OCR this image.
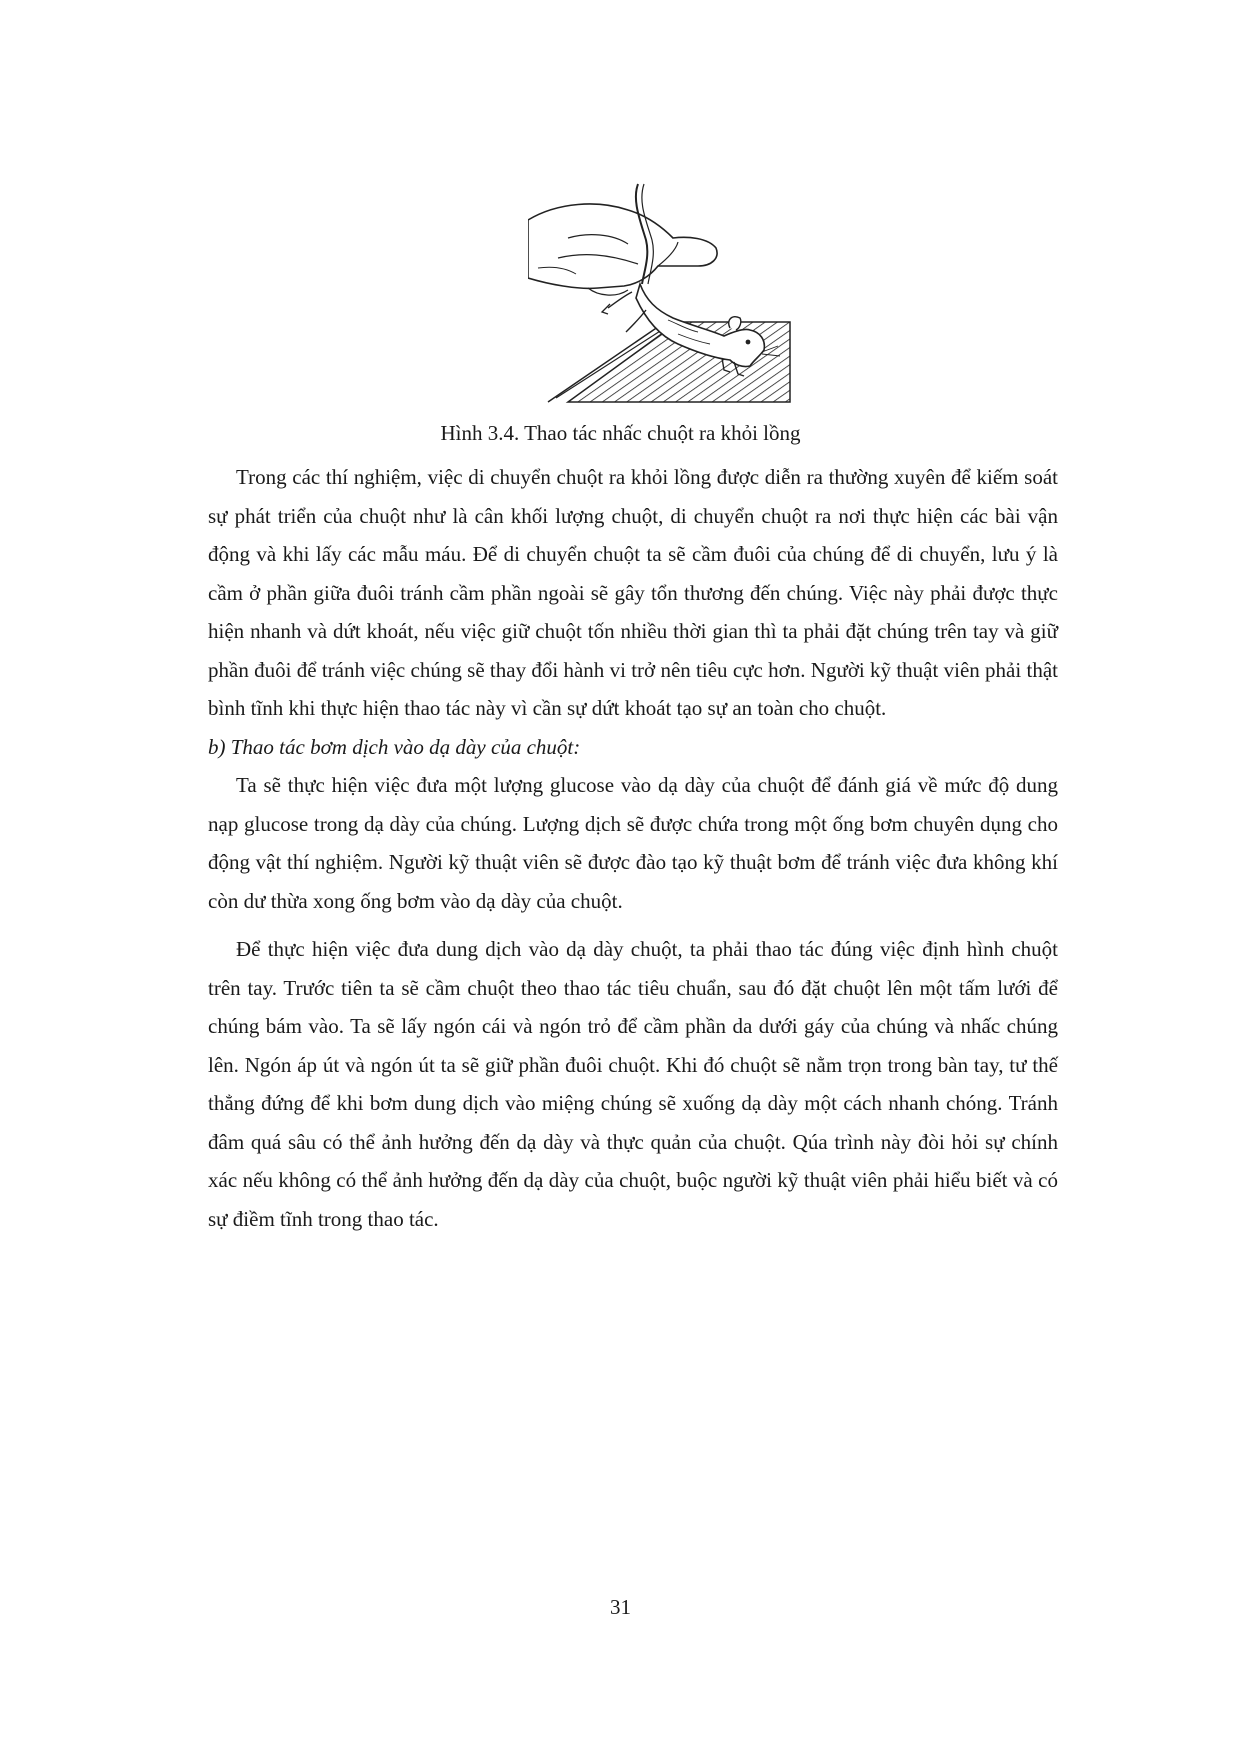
Hình 3.4. Thao tác nhấc chuột ra khỏi lồng

Trong các thí nghiệm, việc di chuyển chuột ra khỏi lồng được diễn ra thường xuyên để kiếm soát sự phát triển của chuột như là cân khối lượng chuột, di chuyển chuột ra nơi thực hiện các bài vận động và khi lấy các mẫu máu. Để di chuyển chuột ta sẽ cầm đuôi của chúng để di chuyển, lưu ý là cầm ở phần giữa đuôi tránh cầm phần ngoài sẽ gây tổn thương đến chúng. Việc này phải được thực hiện nhanh và dứt khoát, nếu việc giữ chuột tốn nhiều thời gian thì ta phải đặt chúng trên tay và giữ phần đuôi để tránh việc chúng sẽ thay đổi hành vi trở nên tiêu cực hơn. Người kỹ thuật viên phải thật bình tĩnh khi thực hiện thao tác này vì cần sự dứt khoát tạo sự an toàn cho chuột.

b) Thao tác bơm dịch vào dạ dày của chuột:

Ta sẽ thực hiện việc đưa một lượng glucose vào dạ dày của chuột để đánh giá về mức độ dung nạp glucose trong dạ dày của chúng. Lượng dịch sẽ được chứa trong một ống bơm chuyên dụng cho động vật thí nghiệm. Người kỹ thuật viên sẽ được đào tạo kỹ thuật bơm để tránh việc đưa không khí còn dư thừa xong ống bơm vào dạ dày của chuột.

Để thực hiện việc đưa dung dịch vào dạ dày chuột, ta phải thao tác đúng việc định hình chuột trên tay. Trước tiên ta sẽ cầm chuột theo thao tác tiêu chuẩn, sau đó đặt chuột lên một tấm lưới để chúng bám vào. Ta sẽ lấy ngón cái và ngón trỏ để cầm phần da dưới gáy của chúng và nhấc chúng lên. Ngón áp út và ngón út ta sẽ giữ phần đuôi chuột. Khi đó chuột sẽ nằm trọn trong bàn tay, tư thế thẳng đứng để khi bơm dung dịch vào miệng chúng sẽ xuống dạ dày một cách nhanh chóng. Tránh đâm quá sâu có thể ảnh hưởng đến dạ dày và thực quản của chuột. Qúa trình này đòi hỏi sự chính xác nếu không có thể ảnh hưởng đến dạ dày của chuột, buộc người kỹ thuật viên phải hiểu biết và có sự điềm tĩnh trong thao tác.

31
